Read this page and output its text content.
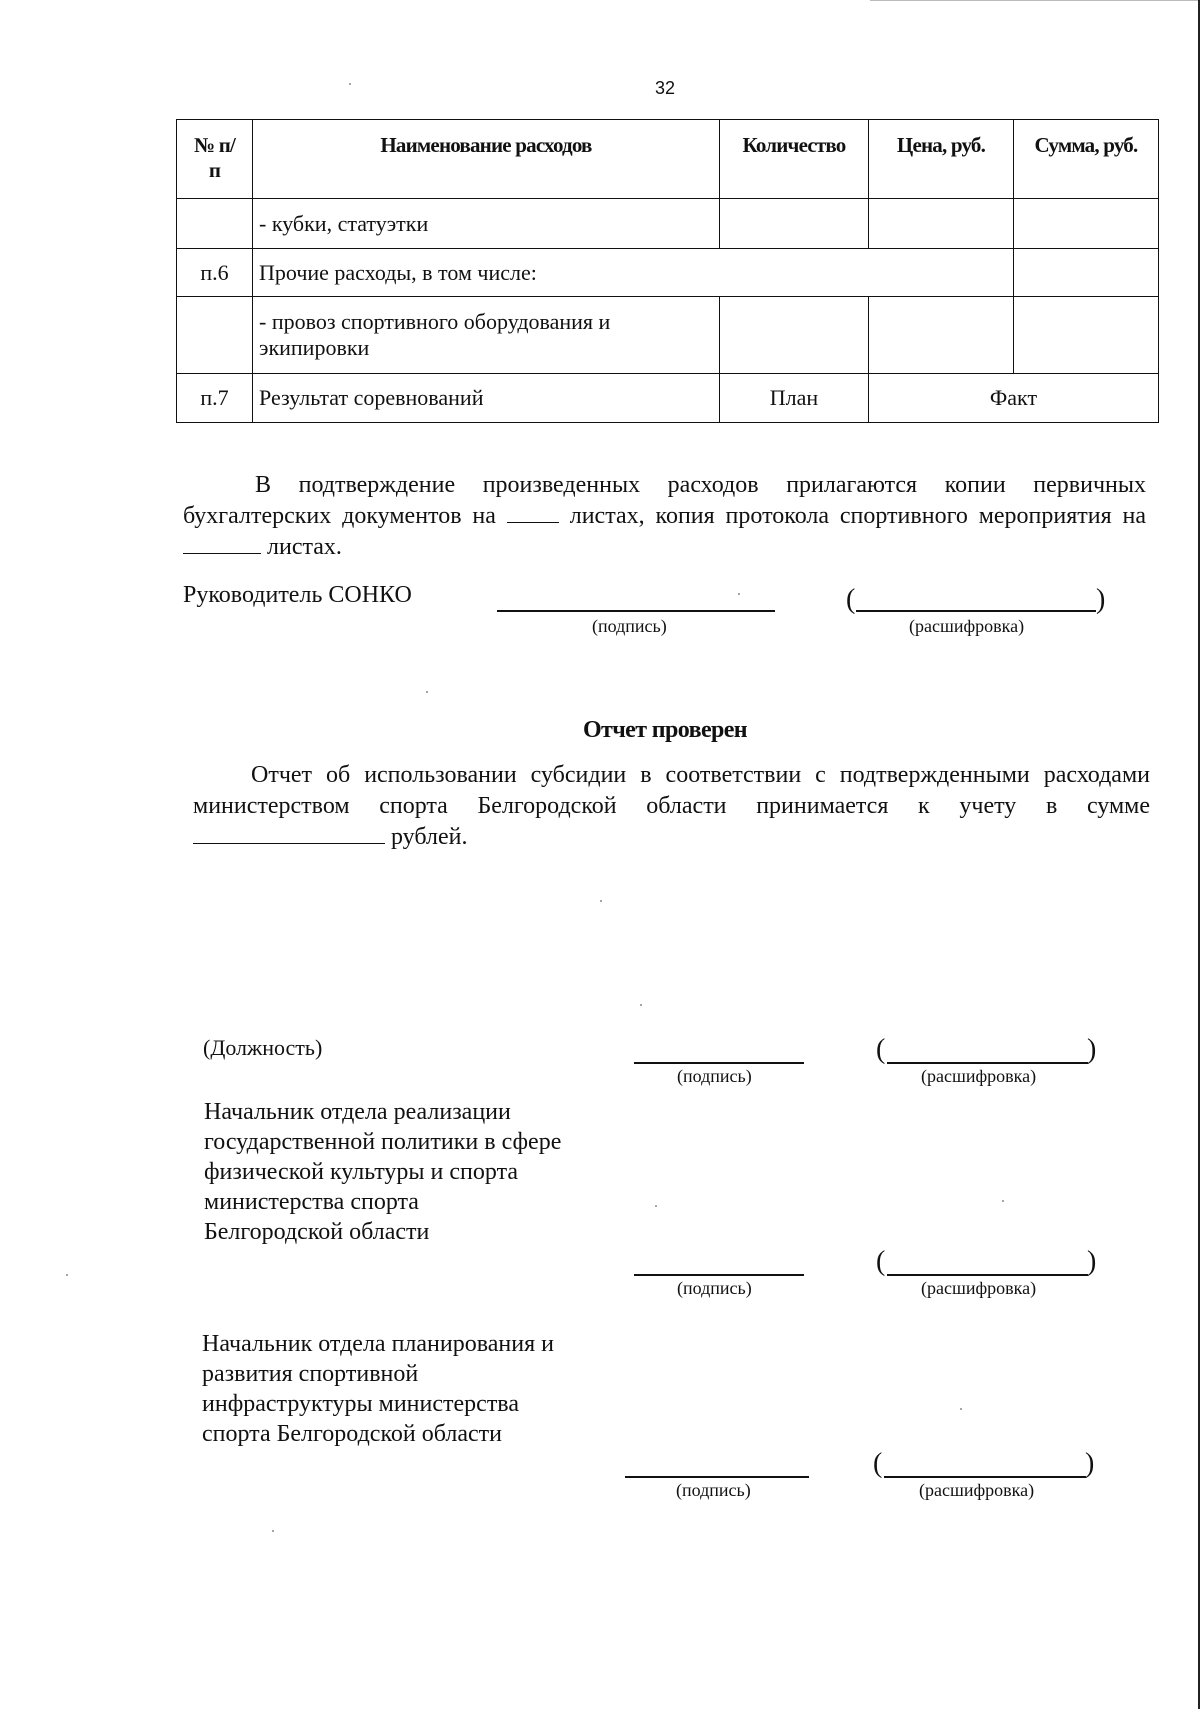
32
№ п/п	Наименование расходов	Количество	Цена, руб.	Сумма, руб.
	- кубки, статуэтки			
п.6	Прочие расходы, в том числе:			

	- провоз спортивного оборудования и экипировки			

п.7	Результат соревнований	План	Факт	

В подтверждение произведенных расходов прилагаются копии первичных бухгалтерских документов на	листах, копия протокола спортивного мероприятия на  листах.

Руководитель СОНКО
(подпись)
(	)
(расшифровка)

Отчет проверен

Отчет об использовании субсидии в соответствии с подтвержденными расходами министерством спорта Белгородской области принимается к учету в сумме  рублей.

(Должность)
(подпись)
(	)
(расшифровка)
Начальник отдела реализации государственной политики в сфере физической культуры и спорта министерства спорта Белгородской области
(подпись)
(	)
(расшифровка)
Начальник отдела планирования и развития спортивной инфраструктуры министерства спорта Белгородской области
(подпись)
(	)
(расшифровка)
